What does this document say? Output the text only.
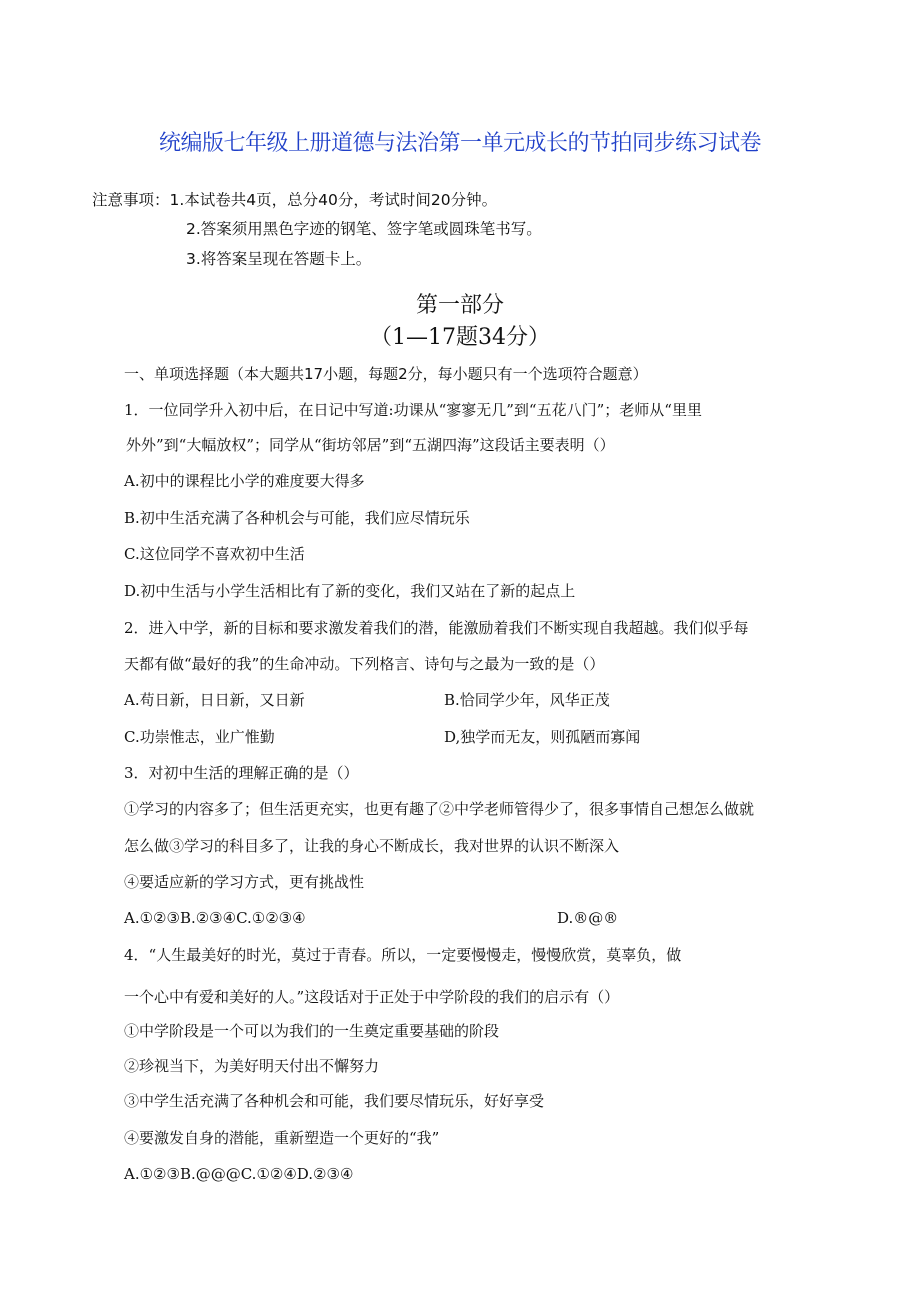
统编版七年级上册道德与法治第一单元成长的节拍同步练习试卷
注意事项：1.本试卷共4页，总分40分，考试时间20分钟。
2.答案须用黑色字迹的钢笔、签字笔或圆珠笔书写。
3.将答案呈现在答题卡上。
第一部分
（1—17题34分）
一、单项选择题（本大题共17小题，每题2分，每小题只有一个选项符合题意）
1．一位同学升入初中后，在日记中写道:功课从“寥寥无几”到“五花八门”；老师从“里里
外外”到“大幅放权”；同学从“街坊邻居”到“五湖四海”这段话主要表明（）
A.初中的课程比小学的难度要大得多
B.初中生活充满了各种机会与可能，我们应尽情玩乐
C.这位同学不喜欢初中生活
D.初中生活与小学生活相比有了新的变化，我们又站在了新的起点上
2．进入中学，新的目标和要求激发着我们的潜，能激励着我们不断实现自我超越。我们似乎每
天都有做“最好的我”的生命冲动。下列格言、诗句与之最为一致的是（）
A.苟日新，日日新，又日新	B.恰同学少年，风华正茂
C.功崇惟志，业广惟勤	D,独学而无友，则孤陋而寡闻
3．对初中生活的理解正确的是（）
①学习的内容多了；但生活更充实，也更有趣了②中学老师管得少了，很多事情自己想怎么做就
怎么做③学习的科目多了，让我的身心不断成长，我对世界的认识不断深入
④要适应新的学习方式，更有挑战性
A.①②③B.②③④C.①②③④	D.®@®
4．“人生最美好的时光，莫过于青春。所以，一定要慢慢走，慢慢欣赏，莫辜负，做
一个心中有爱和美好的人。”这段话对于正处于中学阶段的我们的启示有（）
①中学阶段是一个可以为我们的一生奠定重要基础的阶段
②珍视当下，为美好明天付出不懈努力
③中学生活充满了各种机会和可能，我们要尽情玩乐，好好享受
④要激发自身的潜能，重新塑造一个更好的“我”
A.①②③B.@@@C.①②④D.②③④
